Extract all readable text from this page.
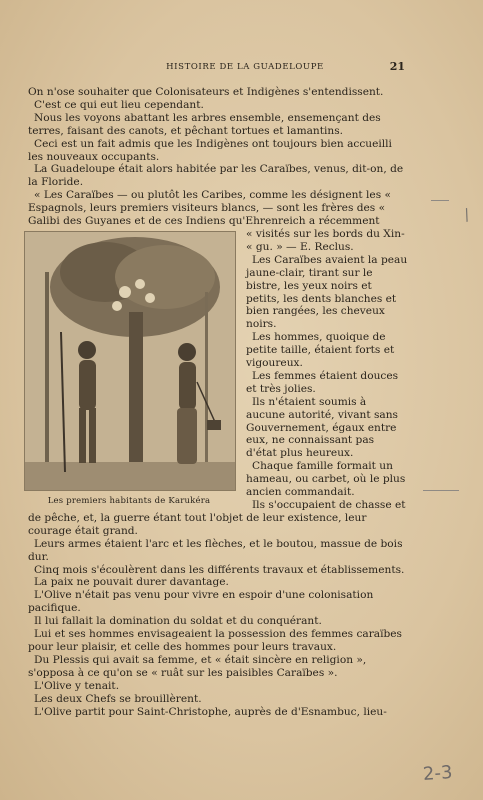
HISTOIRE DE LA GUADELOUPE	21

On n'ose souhaiter que Colonisateurs et Indigènes s'entendissent.

C'est ce qui eut lieu cependant.

Nous les voyons abattant les arbres ensemble, ensemençant des terres, faisant des canots, et pêchant tortues et lamantins.

Ceci est un fait admis que les Indigènes ont toujours bien accueilli les nouveaux occupants.

La Guadeloupe était alors habitée par les Caraïbes, venus, dit-on, de la Floride.

« Les Caraïbes — ou plutôt les Caribes, comme les désignent les « Espagnols, leurs premiers visiteurs blancs, — sont les frères des « Galibi des Guyanes et de ces Indiens qu'Ehrenreich a récemment

Les premiers habitants de Karukéra

« visités sur les bords du Xin- « gu. » — E. Reclus.

Les Caraïbes avaient la peau jaune-clair, tirant sur le bistre, les yeux noirs et petits, les dents blanches et bien rangées, les cheveux noirs.

Les hommes, quoique de petite taille, étaient forts et vigoureux.

Les femmes étaient douces et très jolies.

Ils n'étaient soumis à aucune autorité, vivant sans Gouvernement, égaux entre eux, ne connaissant pas d'état plus heureux.

Chaque famille formait un hameau, ou carbet, où le plus ancien commandait.

Ils s'occupaient de chasse et de pêche, et, la guerre étant tout l'objet de leur existence, leur courage était grand.

Leurs armes étaient l'arc et les flèches, et le boutou, massue de bois dur.

Cinq mois s'écoulèrent dans les différents travaux et établissements.

La paix ne pouvait durer davantage.

L'Olive n'était pas venu pour vivre en espoir d'une colonisation pacifique.

Il lui fallait la domination du soldat et du conquérant.

Lui et ses hommes envisageaient la possession des femmes caraïbes pour leur plaisir, et celle des hommes pour leurs travaux.

Du Plessis qui avait sa femme, et « était sincère en religion », s'opposa à ce qu'on se « ruât sur les paisibles Caraïbes ».

L'Olive y tenait.

Les deux Chefs se brouillèrent.

L'Olive partit pour Saint-Christophe, auprès de d'Esnambuc, lieu-

/
2-3
